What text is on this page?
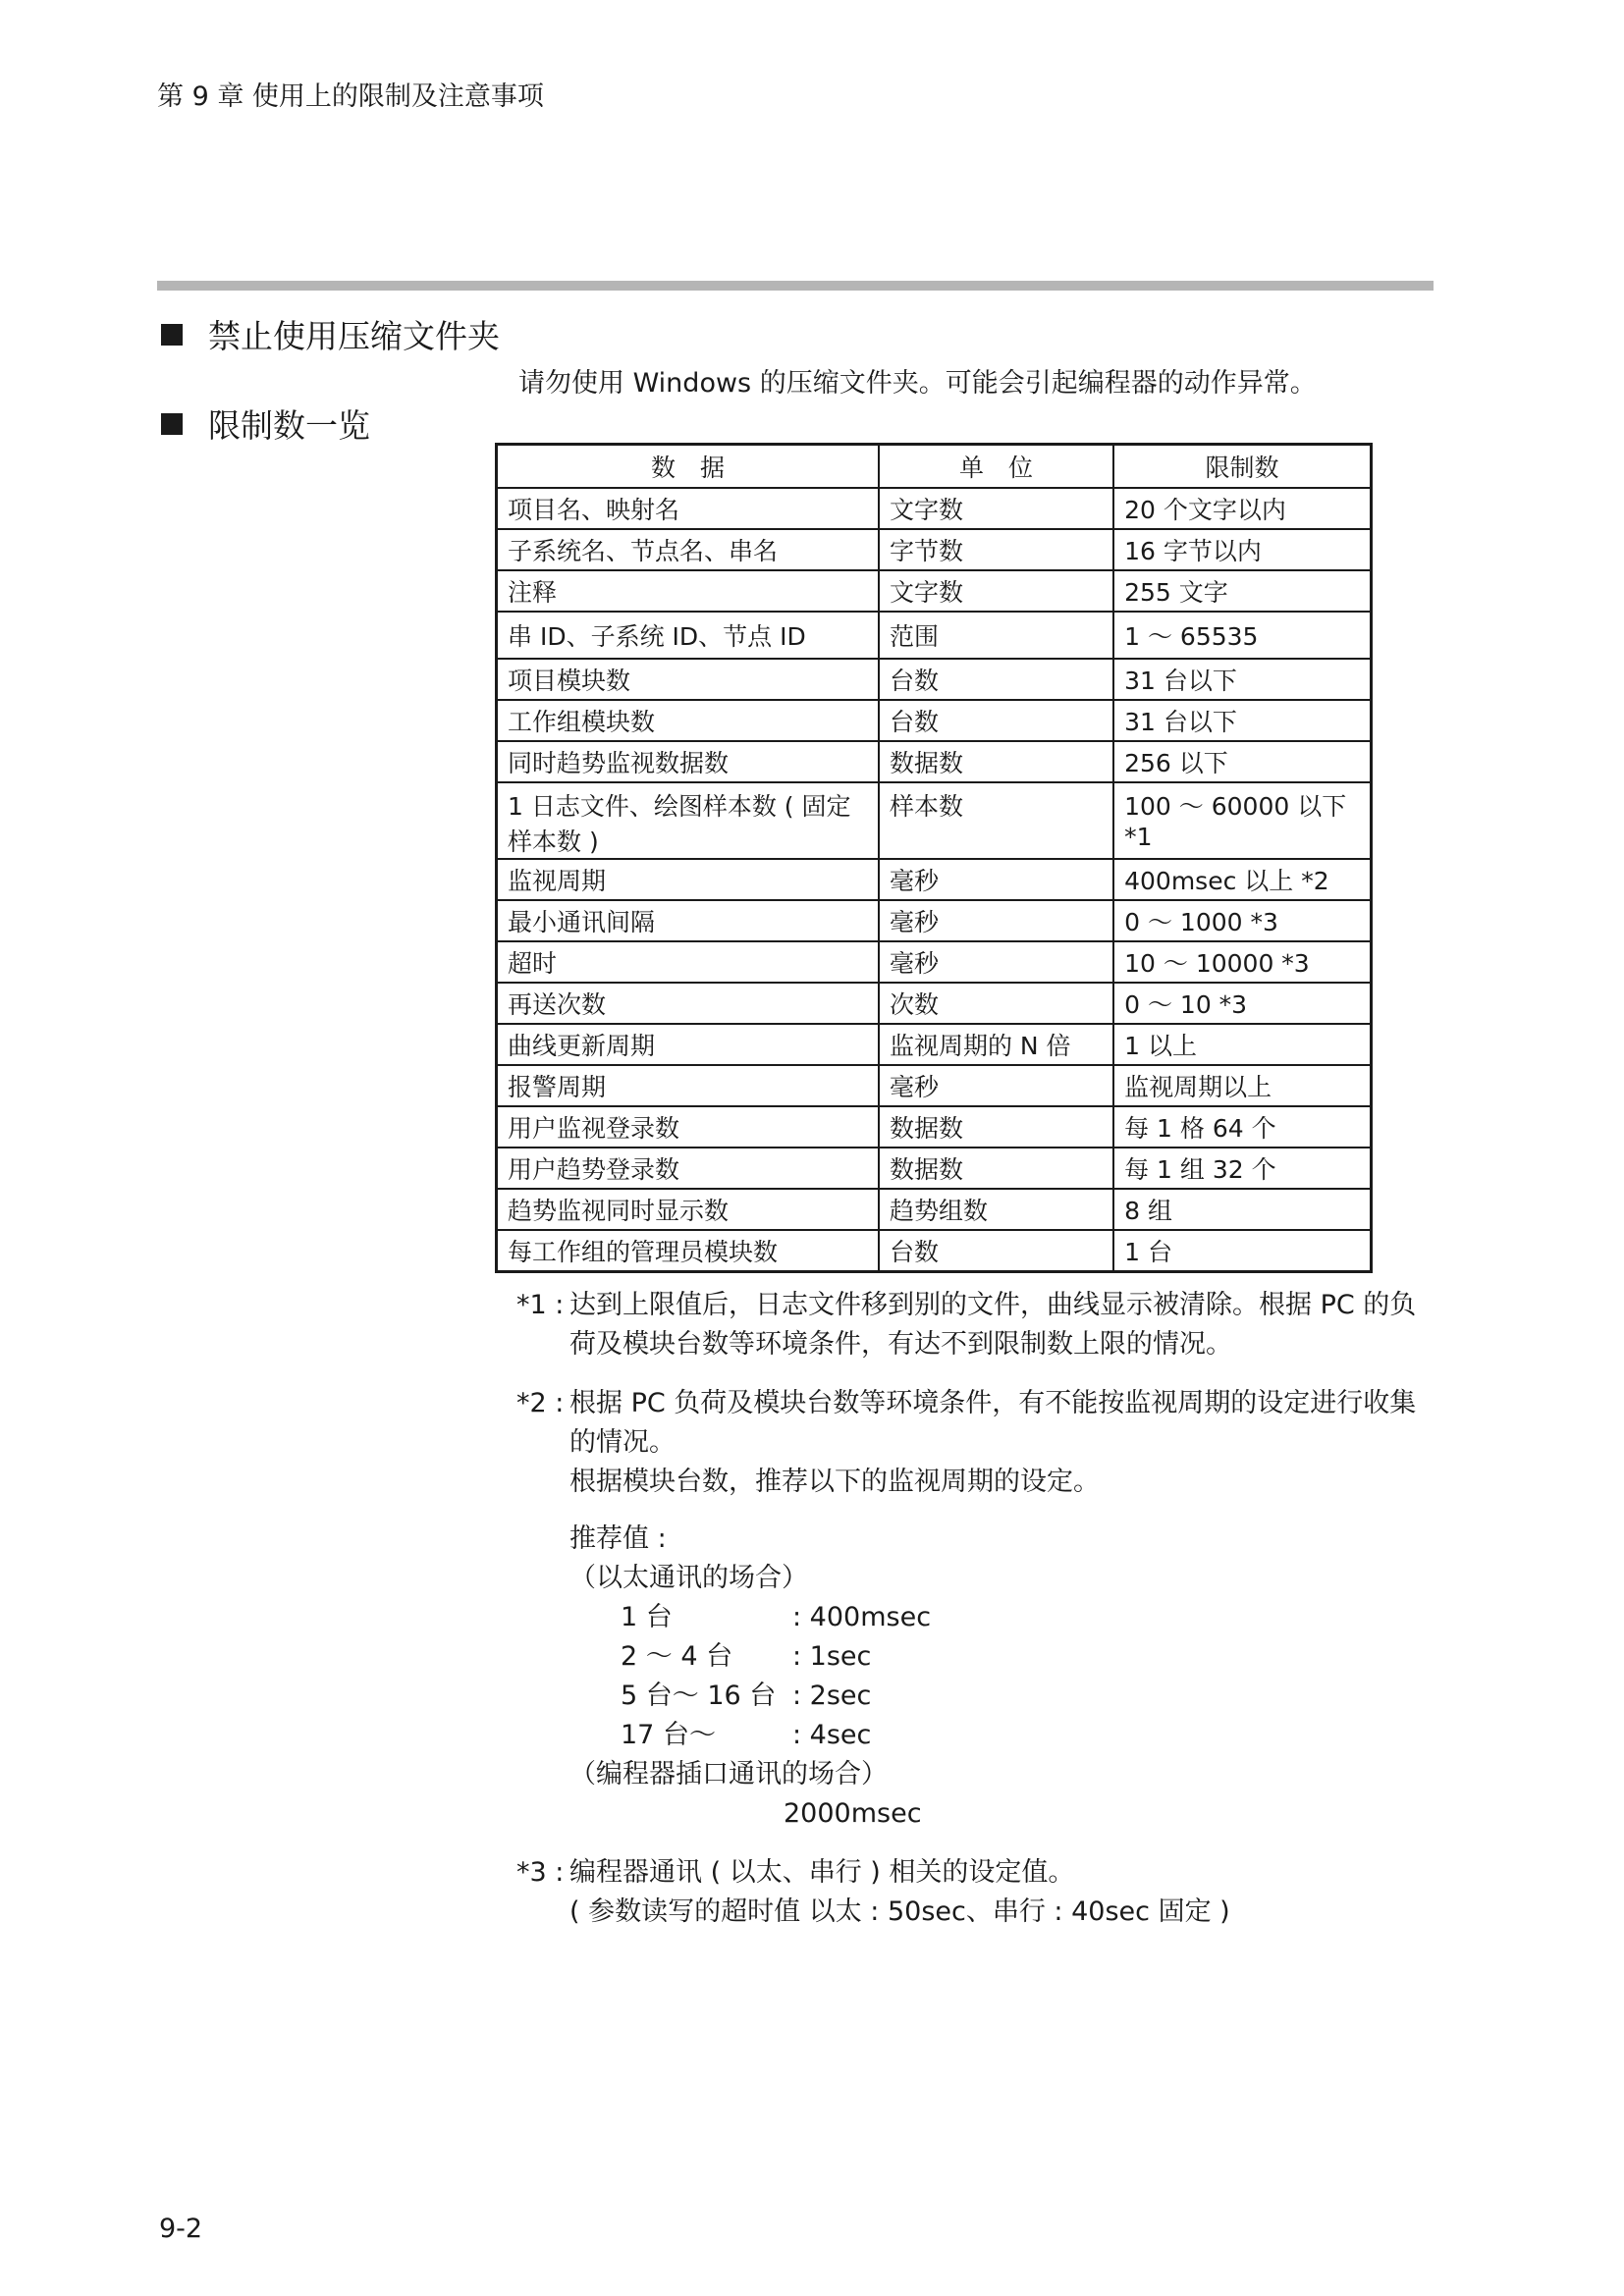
第 9 章 使用上的限制及注意事项
禁止使用压缩文件夹
请勿使用 Windows 的压缩文件夹。可能会引起编程器的动作异常。
限制数一览
数　据	单　位	限制数
项目名、映射名	文字数	20 个文字以内
子系统名、节点名、串名	字节数	16 字节以内
注释	文字数	255 文字
串 ID、子系统 ID、节点 ID	范围	1 ～ 65535
项目模块数	台数	31 台以下
工作组模块数	台数	31 台以下
同时趋势监视数据数	数据数	256 以下
1 日志文件、绘图样本数 ( 固定样本数 )	样本数	100 ～ 60000 以下 *1
监视周期	毫秒	400msec 以上 *2
最小通讯间隔	毫秒	0 ～ 1000 *3
超时	毫秒	10 ～ 10000 *3
再送次数	次数	0 ～ 10 *3
曲线更新周期	监视周期的 N 倍	1 以上
报警周期	毫秒	监视周期以上
用户监视登录数	数据数	每 1 格 64 个
用户趋势登录数	数据数	每 1 组 32 个
趋势监视同时显示数	趋势组数	8 组
每工作组的管理员模块数	台数	1 台
*1 : 达到上限值后，日志文件移到别的文件，曲线显示被清除。根据 PC 的负荷及模块台数等环境条件，有达不到限制数上限的情况。

*2 : 根据 PC 负荷及模块台数等环境条件，有不能按监视周期的设定进行收集的情况。

根据模块台数，推荐以下的监视周期的设定。

推荐值 :

（以太通讯的场合）

1 台	: 400msec
2 ～ 4 台	: 1sec
5 台～ 16 台 : 2sec
17 台～	: 4sec

（编程器插口通讯的场合）

2000msec

*3 : 编程器通讯 ( 以太、串行 ) 相关的设定值。

( 参数读写的超时值 以太 : 50sec、串行 : 40sec 固定 )

9-2
